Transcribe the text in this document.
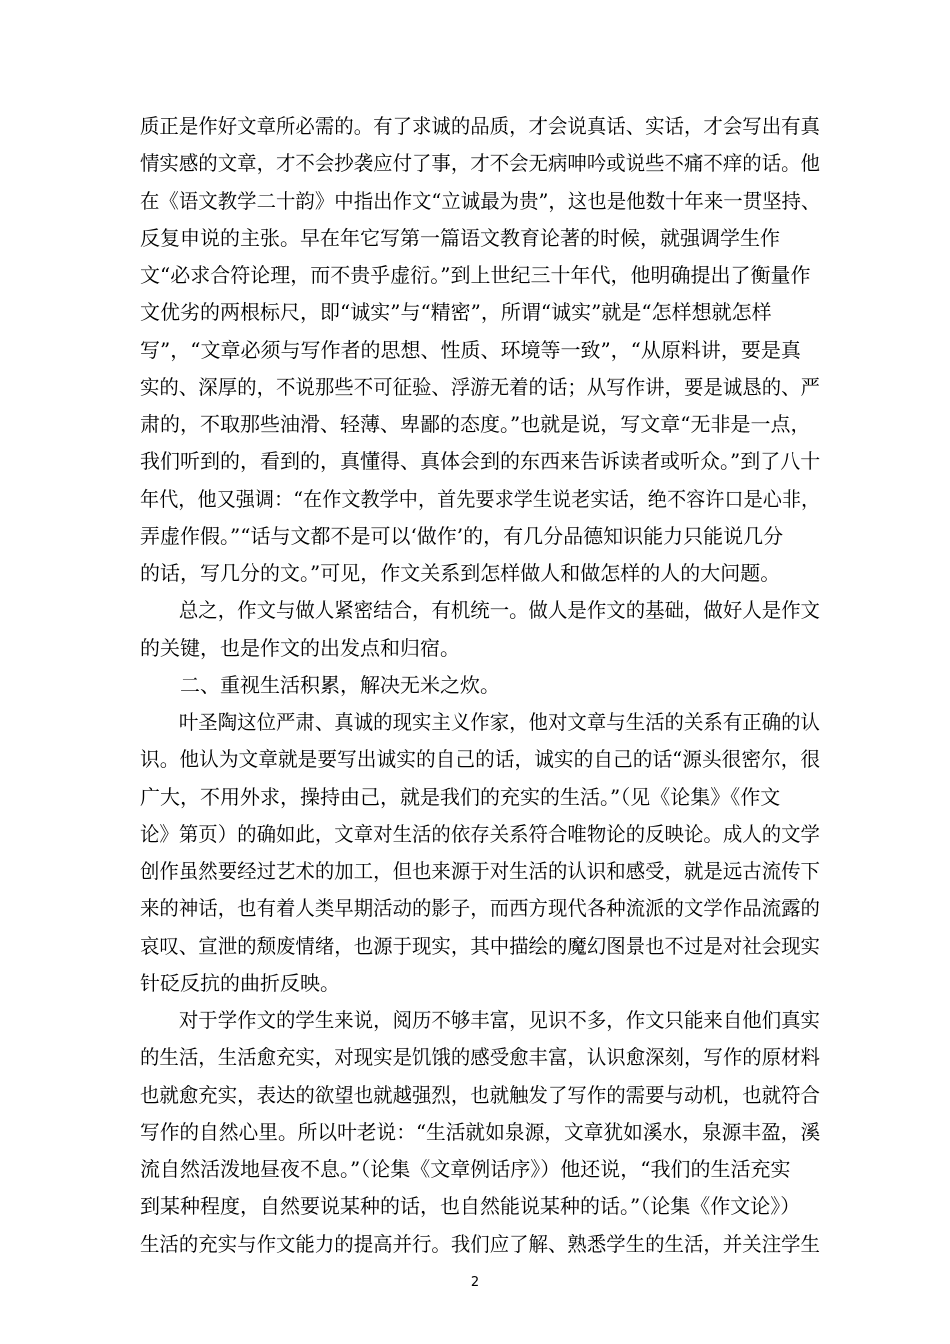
质正是作好文章所必需的。有了求诚的品质，才会说真话、实话，才会写出有真
情实感的文章，才不会抄袭应付了事，才不会无病呻吟或说些不痛不痒的话。他
在《语文教学二十韵》中指出作文“立诚最为贵”，这也是他数十年来一贯坚持、
反复申说的主张。早在年它写第一篇语文教育论著的时候，就强调学生作
文“必求合符论理，而不贵乎虚衍。”到上世纪三十年代，他明确提出了衡量作
文优劣的两根标尺，即“诚实”与“精密”，所谓“诚实”就是“怎样想就怎样
写”，“文章必须与写作者的思想、性质、环境等一致”，“从原料讲，要是真
实的、深厚的，不说那些不可征验、浮游无着的话；从写作讲，要是诚恳的、严
肃的，不取那些油滑、轻薄、卑鄙的态度。”也就是说，写文章“无非是一点，
我们听到的，看到的，真懂得、真体会到的东西来告诉读者或听众。”到了八十
年代，他又强调：“在作文教学中，首先要求学生说老实话，绝不容许口是心非，
弄虚作假。”“话与文都不是可以‘做作’的，有几分品德知识能力只能说几分
的话，写几分的文。”可见，作文关系到怎样做人和做怎样的人的大问题。
　　总之，作文与做人紧密结合，有机统一。做人是作文的基础，做好人是作文
的关键，也是作文的出发点和归宿。
　　二、重视生活积累，解决无米之炊。
　　叶圣陶这位严肃、真诚的现实主义作家，他对文章与生活的关系有正确的认
识。他认为文章就是要写出诚实的自己的话，诚实的自己的话“源头很密尔，很
广大，不用外求，操持由己，就是我们的充实的生活。”（见《论集》《作文
论》第页）的确如此，文章对生活的依存关系符合唯物论的反映论。成人的文学
创作虽然要经过艺术的加工，但也来源于对生活的认识和感受，就是远古流传下
来的神话，也有着人类早期活动的影子，而西方现代各种流派的文学作品流露的
哀叹、宣泄的颓废情绪，也源于现实，其中描绘的魔幻图景也不过是对社会现实
针砭反抗的曲折反映。
　　对于学作文的学生来说，阅历不够丰富，见识不多，作文只能来自他们真实
的生活，生活愈充实，对现实是饥饿的感受愈丰富，认识愈深刻，写作的原材料
也就愈充实，表达的欲望也就越强烈，也就触发了写作的需要与动机，也就符合
写作的自然心里。所以叶老说：“生活就如泉源，文章犹如溪水，泉源丰盈，溪
流自然活泼地昼夜不息。”（论集《文章例话序》）他还说，“我们的生活充实
到某种程度，自然要说某种的话，也自然能说某种的话。”（论集《作文论》）
生活的充实与作文能力的提高并行。我们应了解、熟悉学生的生活，并关注学生
2
